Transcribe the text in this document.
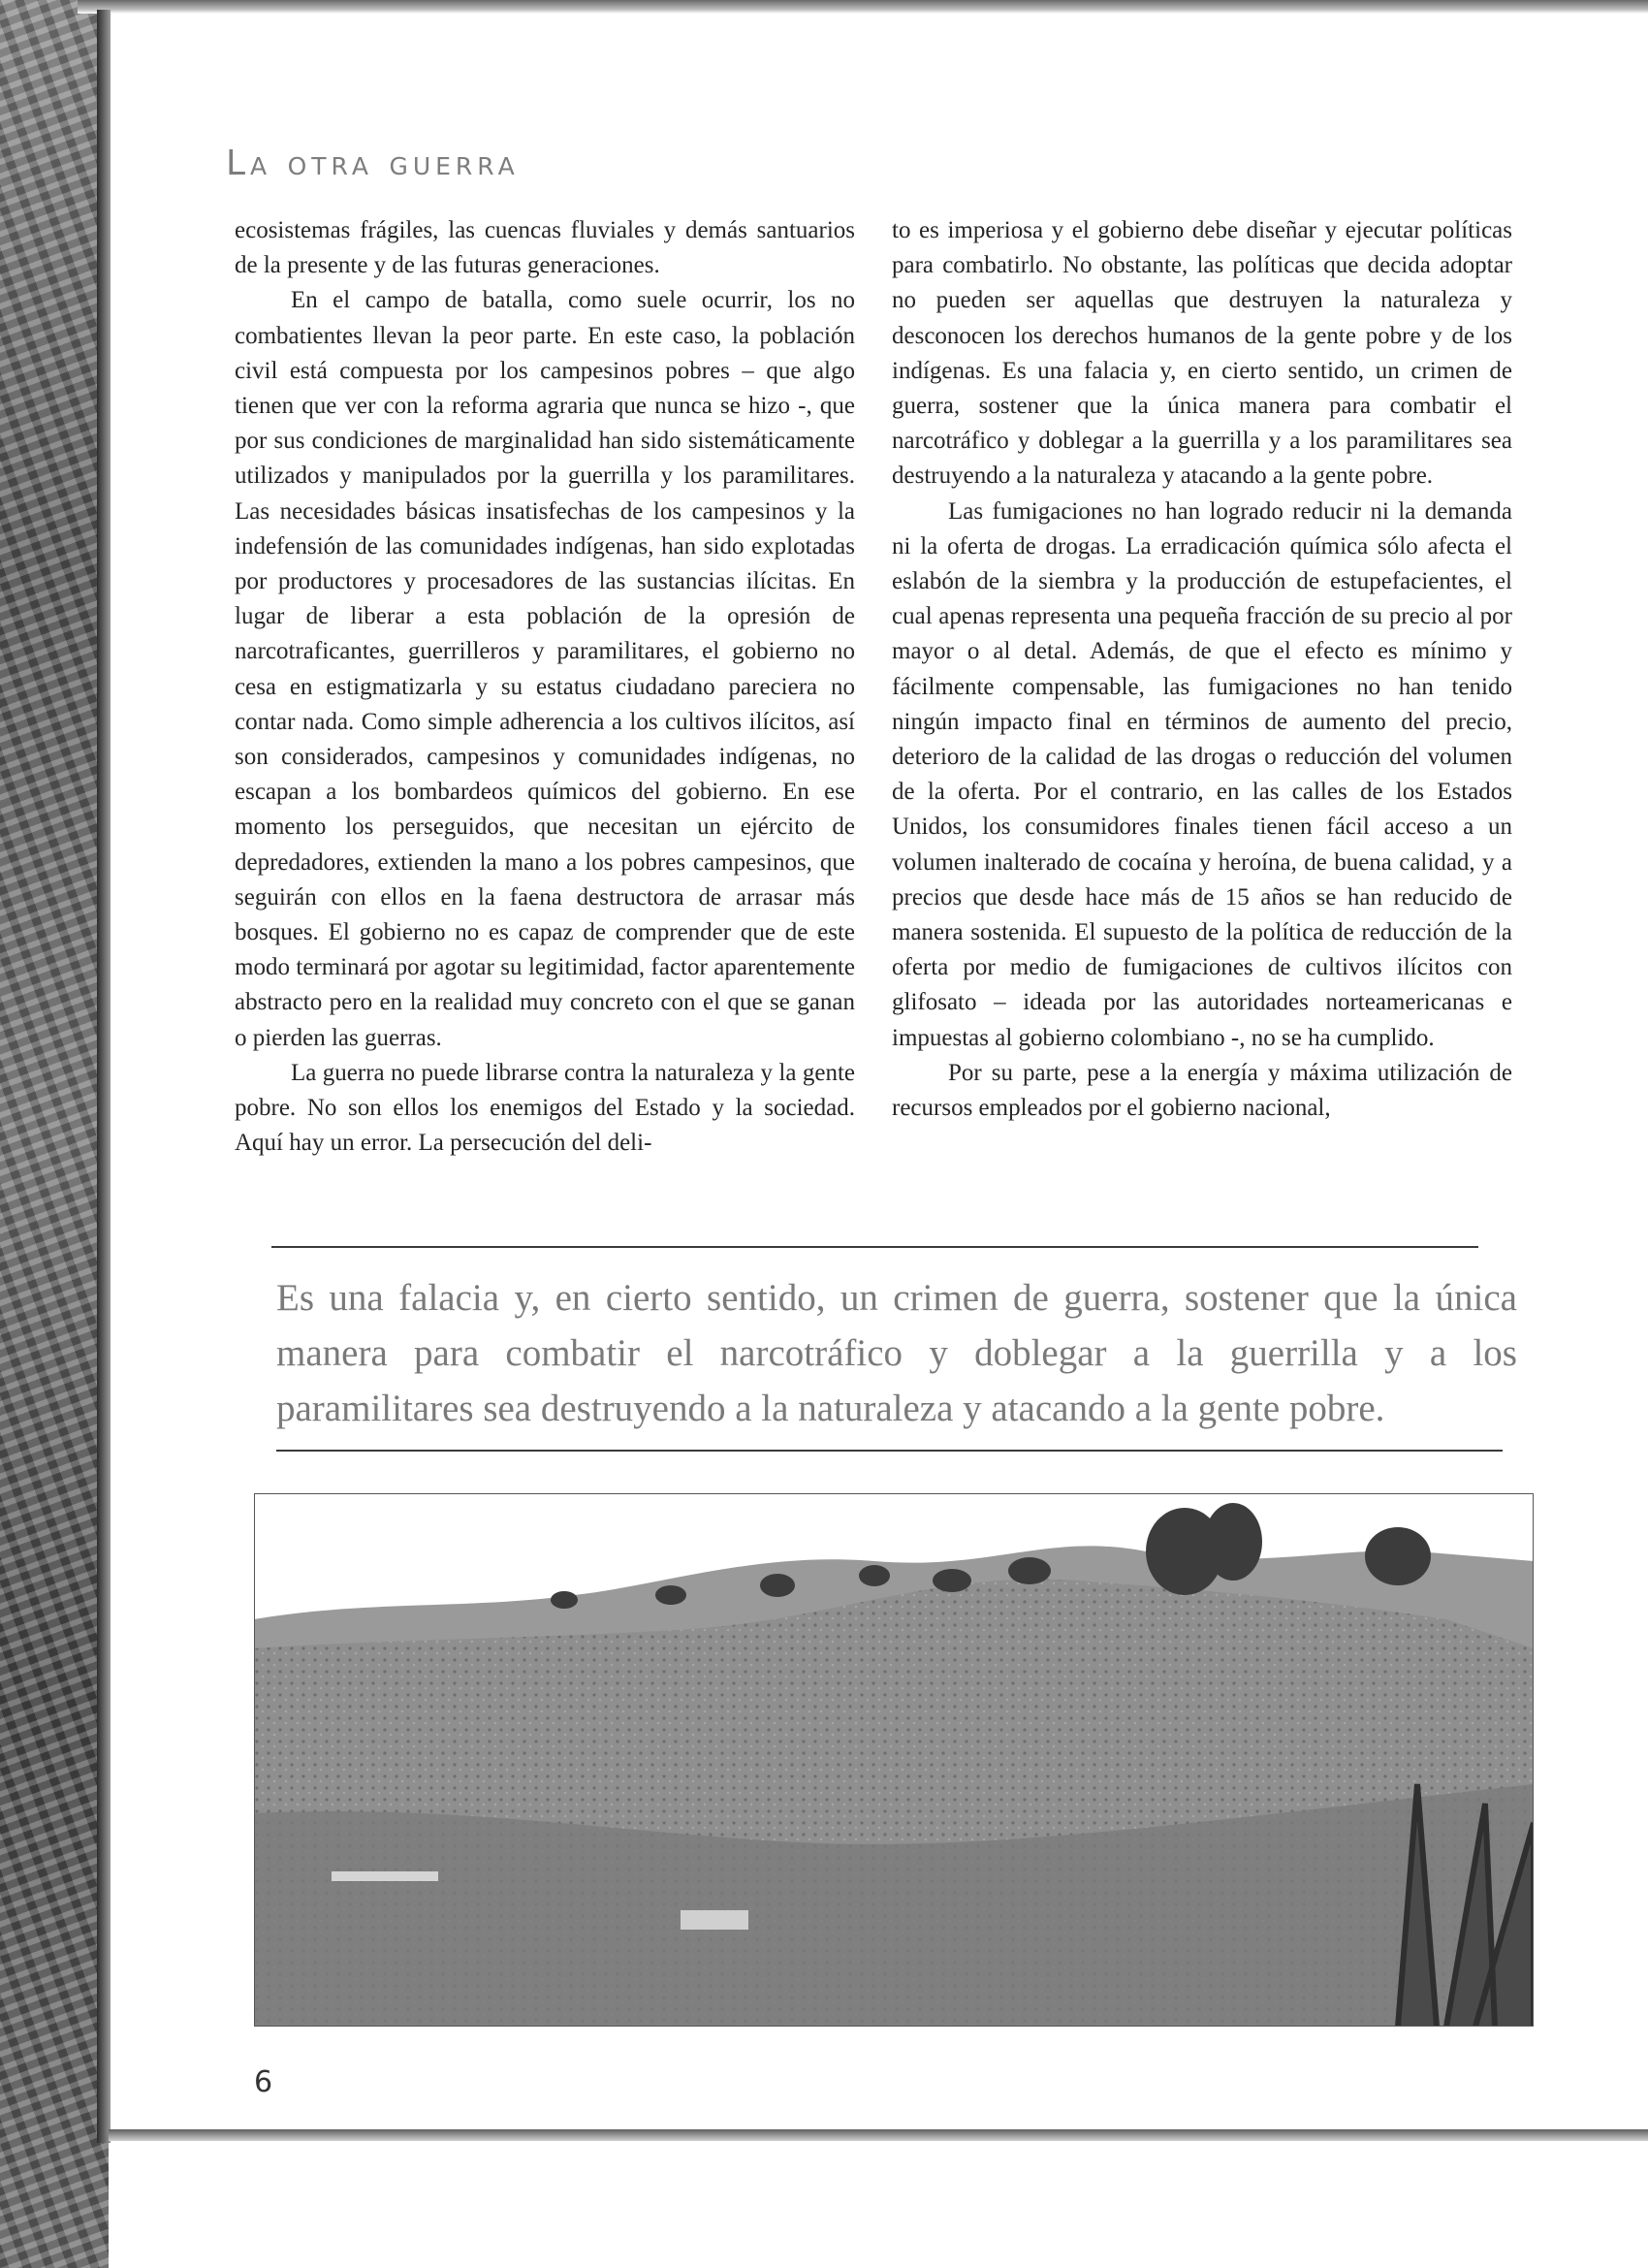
La otra guerra

ecosistemas frágiles, las cuencas fluviales y demás santuarios de la presente y de las futuras generaciones.

En el campo de batalla, como suele ocurrir, los no combatientes llevan la peor parte. En este caso, la población civil está compuesta por los campesinos pobres – que algo tienen que ver con la reforma agraria que nunca se hizo -, que por sus condiciones de marginalidad han sido sistemáticamente utilizados y manipulados por la guerrilla y los paramilitares. Las necesidades básicas insatisfechas de los campesinos y la indefensión de las comunidades indígenas, han sido explotadas por productores y procesadores de las sustancias ilícitas. En lugar de liberar a esta población de la opresión de narcotraficantes, guerrilleros y paramilitares, el gobierno no cesa en estigmatizarla y su estatus ciudadano pareciera no contar nada. Como simple adherencia a los cultivos ilícitos, así son considerados, campesinos y comunidades indígenas, no escapan a los bombardeos químicos del gobierno. En ese momento los perseguidos, que necesitan un ejército de depredadores, extienden la mano a los pobres campesinos, que seguirán con ellos en la faena destructora de arrasar más bosques. El gobierno no es capaz de comprender que de este modo terminará por agotar su legitimidad, factor aparentemente abstracto pero en la realidad muy concreto con el que se ganan o pierden las guerras.

La guerra no puede librarse contra la naturaleza y la gente pobre. No son ellos los enemigos del Estado y la sociedad. Aquí hay un error. La persecución del deli-

to es imperiosa y el gobierno debe diseñar y ejecutar políticas para combatirlo. No obstante, las políticas que decida adoptar no pueden ser aquellas que destruyen la naturaleza y desconocen los derechos humanos de la gente pobre y de los indígenas. Es una falacia y, en cierto sentido, un crimen de guerra, sostener que la única manera para combatir el narcotráfico y doblegar a la guerrilla y a los paramilitares sea destruyendo a la naturaleza y atacando a la gente pobre.

Las fumigaciones no han logrado reducir ni la demanda ni la oferta de drogas. La erradicación química sólo afecta el eslabón de la siembra y la producción de estupefacientes, el cual apenas representa una pequeña fracción de su precio al por mayor o al detal. Además, de que el efecto es mínimo y fácilmente compensable, las fumigaciones no han tenido ningún impacto final en términos de aumento del precio, deterioro de la calidad de las drogas o reducción del volumen de la oferta. Por el contrario, en las calles de los Estados Unidos, los consumidores finales tienen fácil acceso a un volumen inalterado de cocaína y heroína, de buena calidad, y a precios que desde hace más de 15 años se han reducido de manera sostenida. El supuesto de la política de reducción de la oferta por medio de fumigaciones de cultivos ilícitos con glifosato – ideada por las autoridades norteamericanas e impuestas al gobierno colombiano -, no se ha cumplido.

Por su parte, pese a la energía y máxima utilización de recursos empleados por el gobierno nacional,

Es una falacia y, en cierto sentido, un crimen de guerra, sostener que la única manera para combatir el narcotráfico y doblegar a la guerrilla y a los paramilitares sea destruyendo a la naturaleza y atacando a la gente pobre.
6
